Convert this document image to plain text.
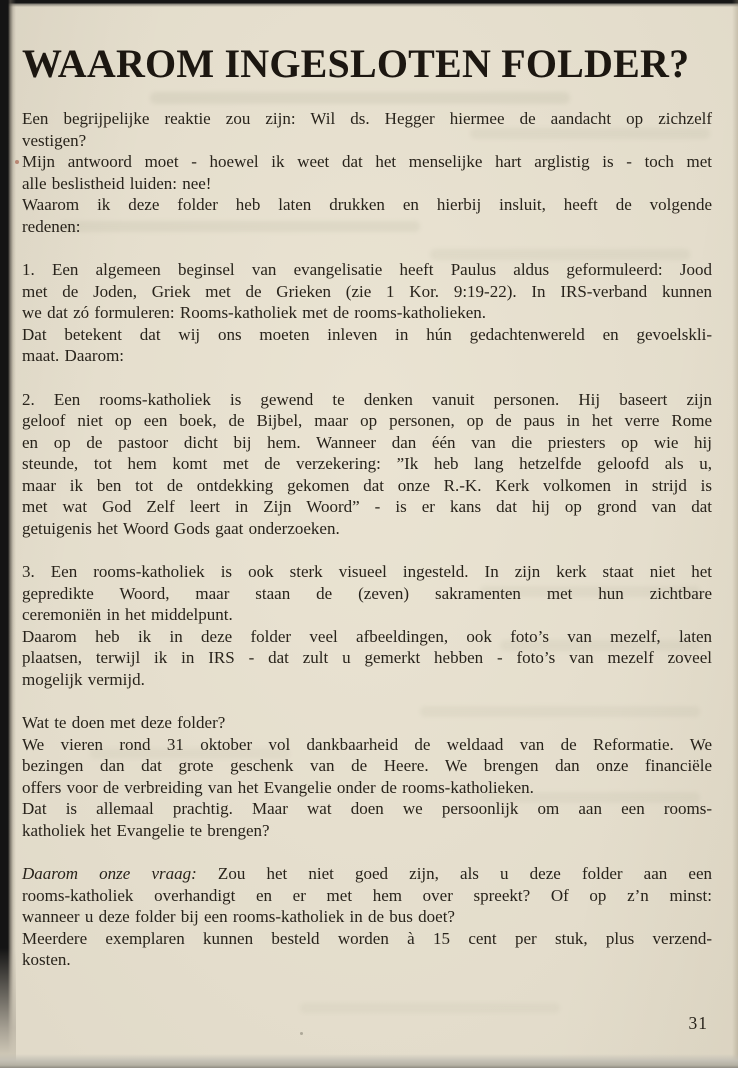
WAAROM INGESLOTEN FOLDER?
Een begrijpelijke reaktie zou zijn: Wil ds. Hegger hiermee de aandacht op zichzelf
vestigen?
Mijn antwoord moet - hoewel ik weet dat het menselijke hart arglistig is - toch met
alle beslistheid luiden: nee!
Waarom ik deze folder heb laten drukken en hierbij insluit, heeft de volgende
redenen:
1. Een algemeen beginsel van evangelisatie heeft Paulus aldus geformuleerd: Jood
met de Joden, Griek met de Grieken (zie 1 Kor. 9:19-22). In IRS-verband kunnen
we dat zó formuleren: Rooms-katholiek met de rooms-katholieken.
Dat betekent dat wij ons moeten inleven in hún gedachtenwereld en gevoelskli-
maat. Daarom:
2. Een rooms-katholiek is gewend te denken vanuit personen. Hij baseert zijn
geloof niet op een boek, de Bijbel, maar op personen, op de paus in het verre Rome
en op de pastoor dicht bij hem. Wanneer dan één van die priesters op wie hij
steunde, tot hem komt met de verzekering: ”Ik heb lang hetzelfde geloofd als u,
maar ik ben tot de ontdekking gekomen dat onze R.-K. Kerk volkomen in strijd is
met wat God Zelf leert in Zijn Woord” - is er kans dat hij op grond van dat
getuigenis het Woord Gods gaat onderzoeken.
3. Een rooms-katholiek is ook sterk visueel ingesteld. In zijn kerk staat niet het
gepredikte Woord, maar staan de (zeven) sakramenten met hun zichtbare
ceremoniën in het middelpunt.
Daarom heb ik in deze folder veel afbeeldingen, ook foto’s van mezelf, laten
plaatsen, terwijl ik in IRS - dat zult u gemerkt hebben - foto’s van mezelf zoveel
mogelijk vermijd.
Wat te doen met deze folder?
We vieren rond 31 oktober vol dankbaarheid de weldaad van de Reformatie. We
bezingen dan dat grote geschenk van de Heere. We brengen dan onze financiële
offers voor de verbreiding van het Evangelie onder de rooms-katholieken.
Dat is allemaal prachtig. Maar wat doen we persoonlijk om aan een rooms-
katholiek het Evangelie te brengen?
Daarom onze vraag: Zou het niet goed zijn, als u deze folder aan een
rooms-katholiek overhandigt en er met hem over spreekt? Of op z’n minst:
wanneer u deze folder bij een rooms-katholiek in de bus doet?
Meerdere exemplaren kunnen besteld worden à 15 cent per stuk, plus verzend-
kosten.
31
